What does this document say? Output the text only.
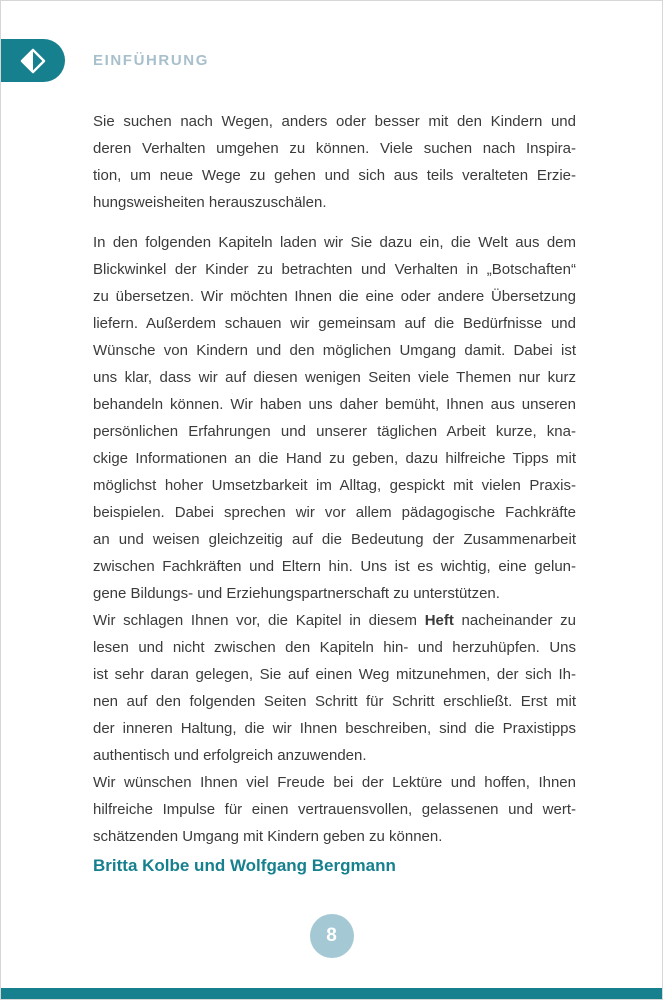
EINFÜHRUNG
Sie suchen nach Wegen, anders oder besser mit den Kindern und
deren Verhalten umgehen zu können. Viele suchen nach Inspira-
tion, um neue Wege zu gehen und sich aus teils veralteten Erzie-
hungsweisheiten herauszuschälen.
In den folgenden Kapiteln laden wir Sie dazu ein, die Welt aus dem
Blickwinkel der Kinder zu betrachten und Verhalten in „Botschaften“
zu übersetzen. Wir möchten Ihnen die eine oder andere Übersetzung
liefern. Außerdem schauen wir gemeinsam auf die Bedürfnisse und
Wünsche von Kindern und den möglichen Umgang damit. Dabei ist
uns klar, dass wir auf diesen wenigen Seiten viele Themen nur kurz
behandeln können. Wir haben uns daher bemüht, Ihnen aus unseren
persönlichen Erfahrungen und unserer täglichen Arbeit kurze, kna-
ckige Informationen an die Hand zu geben, dazu hilfreiche Tipps mit
möglichst hoher Umsetzbarkeit im Alltag, gespickt mit vielen Praxis-
beispielen. Dabei sprechen wir vor allem pädagogische Fachkräfte
an und weisen gleichzeitig auf die Bedeutung der Zusammenarbeit
zwischen Fachkräften und Eltern hin. Uns ist es wichtig, eine gelun-
gene Bildungs- und Erziehungspartnerschaft zu unterstützen.
Wir schlagen Ihnen vor, die Kapitel in diesem Heft nacheinander zu
lesen und nicht zwischen den Kapiteln hin- und herzuhüpfen. Uns
ist sehr daran gelegen, Sie auf einen Weg mitzunehmen, der sich Ih-
nen auf den folgenden Seiten Schritt für Schritt erschließt. Erst mit
der inneren Haltung, die wir Ihnen beschreiben, sind die Praxistipps
authentisch und erfolgreich anzuwenden.
Wir wünschen Ihnen viel Freude bei der Lektüre und hoffen, Ihnen
hilfreiche Impulse für einen vertrauensvollen, gelassenen und wert-
schätzenden Umgang mit Kindern geben zu können.
Britta Kolbe und Wolfgang Bergmann
8
